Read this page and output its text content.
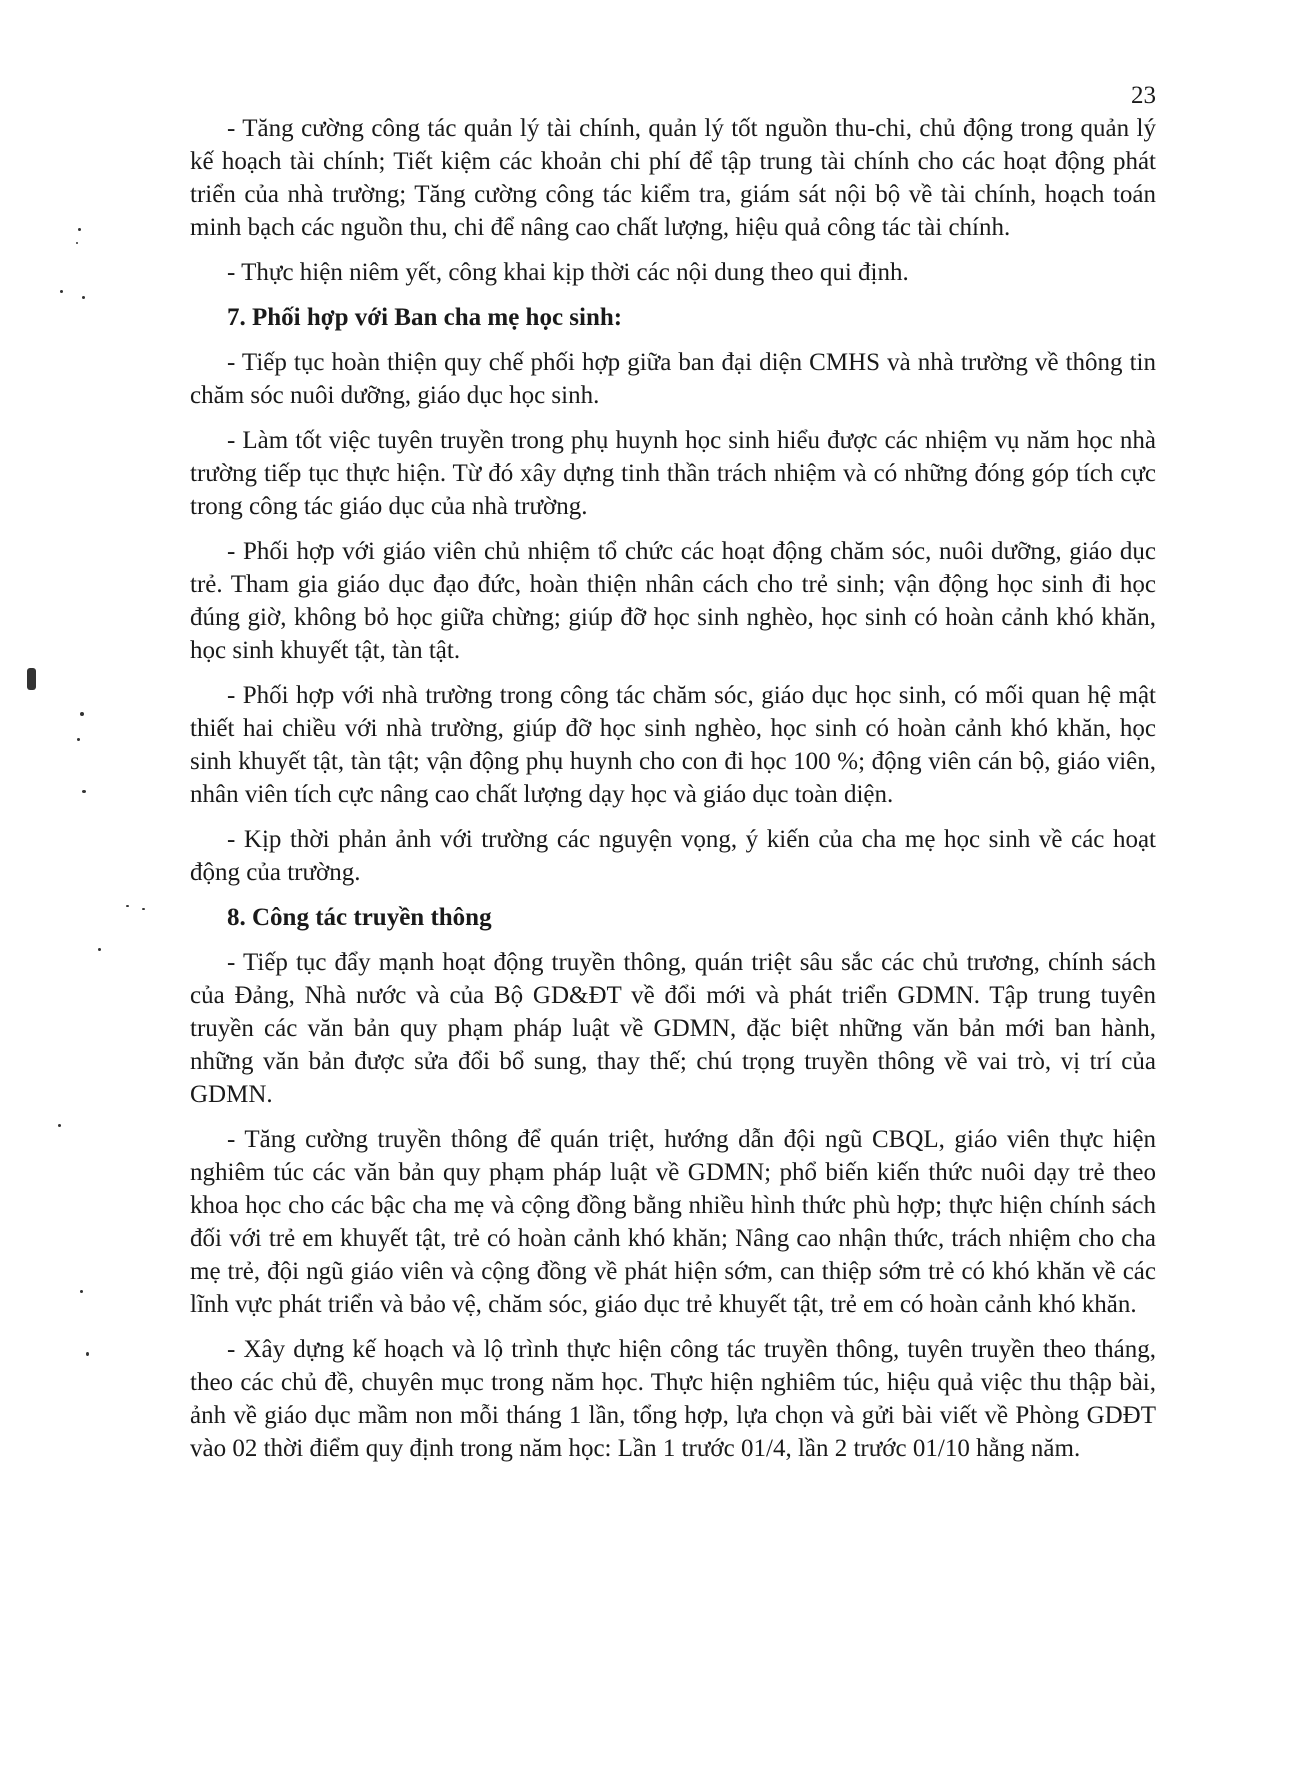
23

- Tăng cường công tác quản lý tài chính, quản lý tốt nguồn thu-chi, chủ động trong quản lý kế hoạch tài chính; Tiết kiệm các khoản chi phí để tập trung tài chính cho các hoạt động phát triển của nhà trường; Tăng cường công tác kiểm tra, giám sát nội bộ về tài chính, hoạch toán minh bạch các nguồn thu, chi để nâng cao chất lượng, hiệu quả công tác tài chính.

- Thực hiện niêm yết, công khai kịp thời các nội dung theo qui định.

7. Phối hợp với Ban cha mẹ học sinh:

- Tiếp tục hoàn thiện quy chế phối hợp giữa ban đại diện CMHS và nhà trường về thông tin chăm sóc nuôi dưỡng, giáo dục học sinh.

- Làm tốt việc tuyên truyền trong phụ huynh học sinh hiểu được các nhiệm vụ năm học nhà trường tiếp tục thực hiện. Từ đó xây dựng tinh thần trách nhiệm và có những đóng góp tích cực trong công tác giáo dục của nhà trường.

- Phối hợp với giáo viên chủ nhiệm tổ chức các hoạt động chăm sóc, nuôi dưỡng, giáo dục trẻ. Tham gia giáo dục đạo đức, hoàn thiện nhân cách cho trẻ sinh; vận động học sinh đi học đúng giờ, không bỏ học giữa chừng; giúp đỡ học sinh nghèo, học sinh có hoàn cảnh khó khăn, học sinh khuyết tật, tàn tật.

- Phối hợp với nhà trường trong công tác chăm sóc, giáo dục học sinh, có mối quan hệ mật thiết hai chiều với nhà trường, giúp đỡ học sinh nghèo, học sinh có hoàn cảnh khó khăn, học sinh khuyết tật, tàn tật; vận động phụ huynh cho con đi học 100 %; động viên cán bộ, giáo viên, nhân viên tích cực nâng cao chất lượng dạy học và giáo dục toàn diện.

- Kịp thời phản ảnh với trường các nguyện vọng, ý kiến của cha mẹ học sinh về các hoạt động của trường.

8. Công tác truyền thông

- Tiếp tục đẩy mạnh hoạt động truyền thông, quán triệt sâu sắc các chủ trương, chính sách của Đảng, Nhà nước và của Bộ GD&ĐT về đổi mới và phát triển GDMN. Tập trung tuyên truyền các văn bản quy phạm pháp luật về GDMN, đặc biệt những văn bản mới ban hành, những văn bản được sửa đổi bổ sung, thay thế; chú trọng truyền thông về vai trò, vị trí của GDMN.

- Tăng cường truyền thông để quán triệt, hướng dẫn đội ngũ CBQL, giáo viên thực hiện nghiêm túc các văn bản quy phạm pháp luật về GDMN; phổ biến kiến thức nuôi dạy trẻ theo khoa học cho các bậc cha mẹ và cộng đồng bằng nhiều hình thức phù hợp; thực hiện chính sách đối với trẻ em khuyết tật, trẻ có hoàn cảnh khó khăn; Nâng cao nhận thức, trách nhiệm cho cha mẹ trẻ, đội ngũ giáo viên và cộng đồng về phát hiện sớm, can thiệp sớm trẻ có khó khăn về các lĩnh vực phát triển và bảo vệ, chăm sóc, giáo dục trẻ khuyết tật, trẻ em có hoàn cảnh khó khăn.

- Xây dựng kế hoạch và lộ trình thực hiện công tác truyền thông, tuyên truyền theo tháng, theo các chủ đề, chuyên mục trong năm học. Thực hiện nghiêm túc, hiệu quả việc thu thập bài, ảnh về giáo dục mầm non mỗi tháng 1 lần, tổng hợp, lựa chọn và gửi bài viết về Phòng GDĐT vào 02 thời điểm quy định trong năm học: Lần 1 trước 01/4, lần 2 trước 01/10 hằng năm.
